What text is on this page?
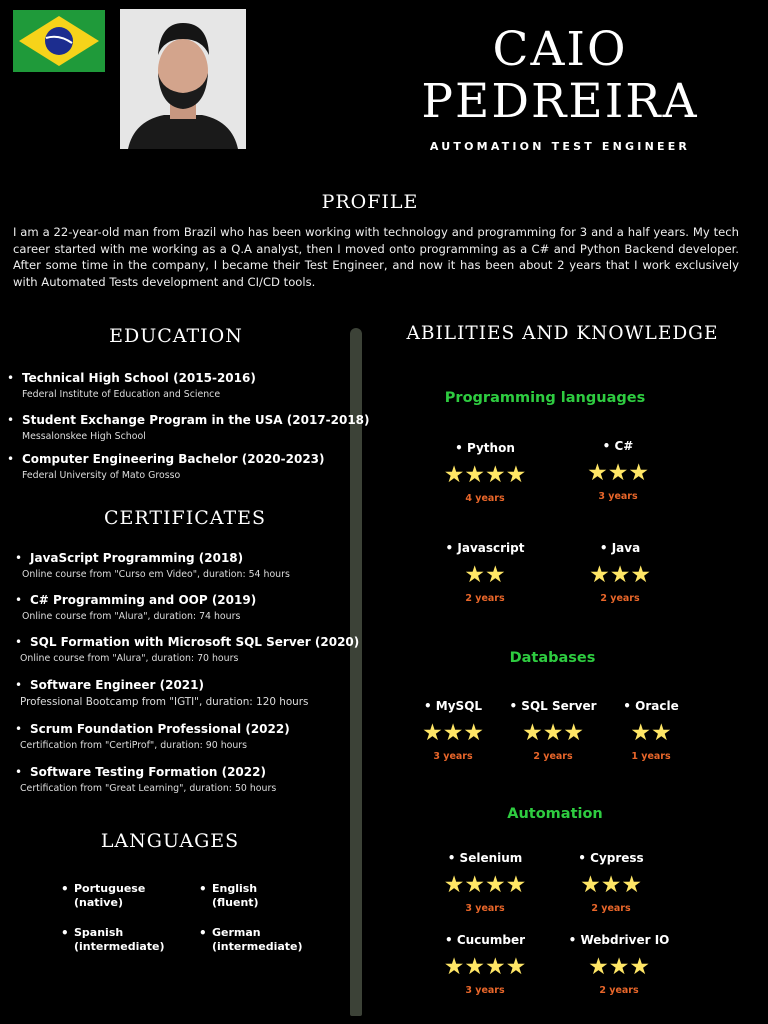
CAIO
PEDREIRA
AUTOMATION TEST ENGINEER
PROFILE
I am a 22-year-old man from Brazil who has been working with technology and programming for 3 and a half years. My tech career started with me working as a Q.A analyst, then I moved onto programming as a C# and Python Backend developer. After some time in the company, I became their Test Engineer, and now it has been about 2 years that I work exclusively with Automated Tests development and CI/CD tools.
EDUCATION
• Technical High School (2015-2016)
Federal Institute of Education and Science
• Student Exchange Program in the USA (2017-2018)
Messalonskee High School
• Computer Engineering Bachelor (2020-2023)
Federal University of Mato Grosso
CERTIFICATES
• JavaScript Programming (2018)
Online course from "Curso em Video", duration: 54 hours
• C# Programming and OOP (2019)
Online course from "Alura", duration: 74 hours
• SQL Formation with Microsoft SQL Server (2020)
Online course from "Alura", duration: 70 hours
• Software Engineer (2021)
Professional Bootcamp from "IGTI", duration: 120 hours
• Scrum Foundation Professional (2022)
Certification from "CertiProf", duration: 90 hours
• Software Testing Formation (2022)
Certification from "Great Learning", duration: 50 hours
LANGUAGES
• Portuguese
(native)
• English
(fluent)
• Spanish
(intermediate)
• German
(intermediate)
ABILITIES AND KNOWLEDGE
Programming languages
• Python
★★★★
4 years
• C#
★★★
3 years
• Javascript
★★
2 years
• Java
★★★
2 years
Databases
• MySQL
★★★
3 years
• SQL Server
★★★
2 years
• Oracle
★★
1 years
Automation
• Selenium
★★★★
3 years
• Cypress
★★★
2 years
• Cucumber
★★★★
3 years
• Webdriver IO
★★★
2 years
